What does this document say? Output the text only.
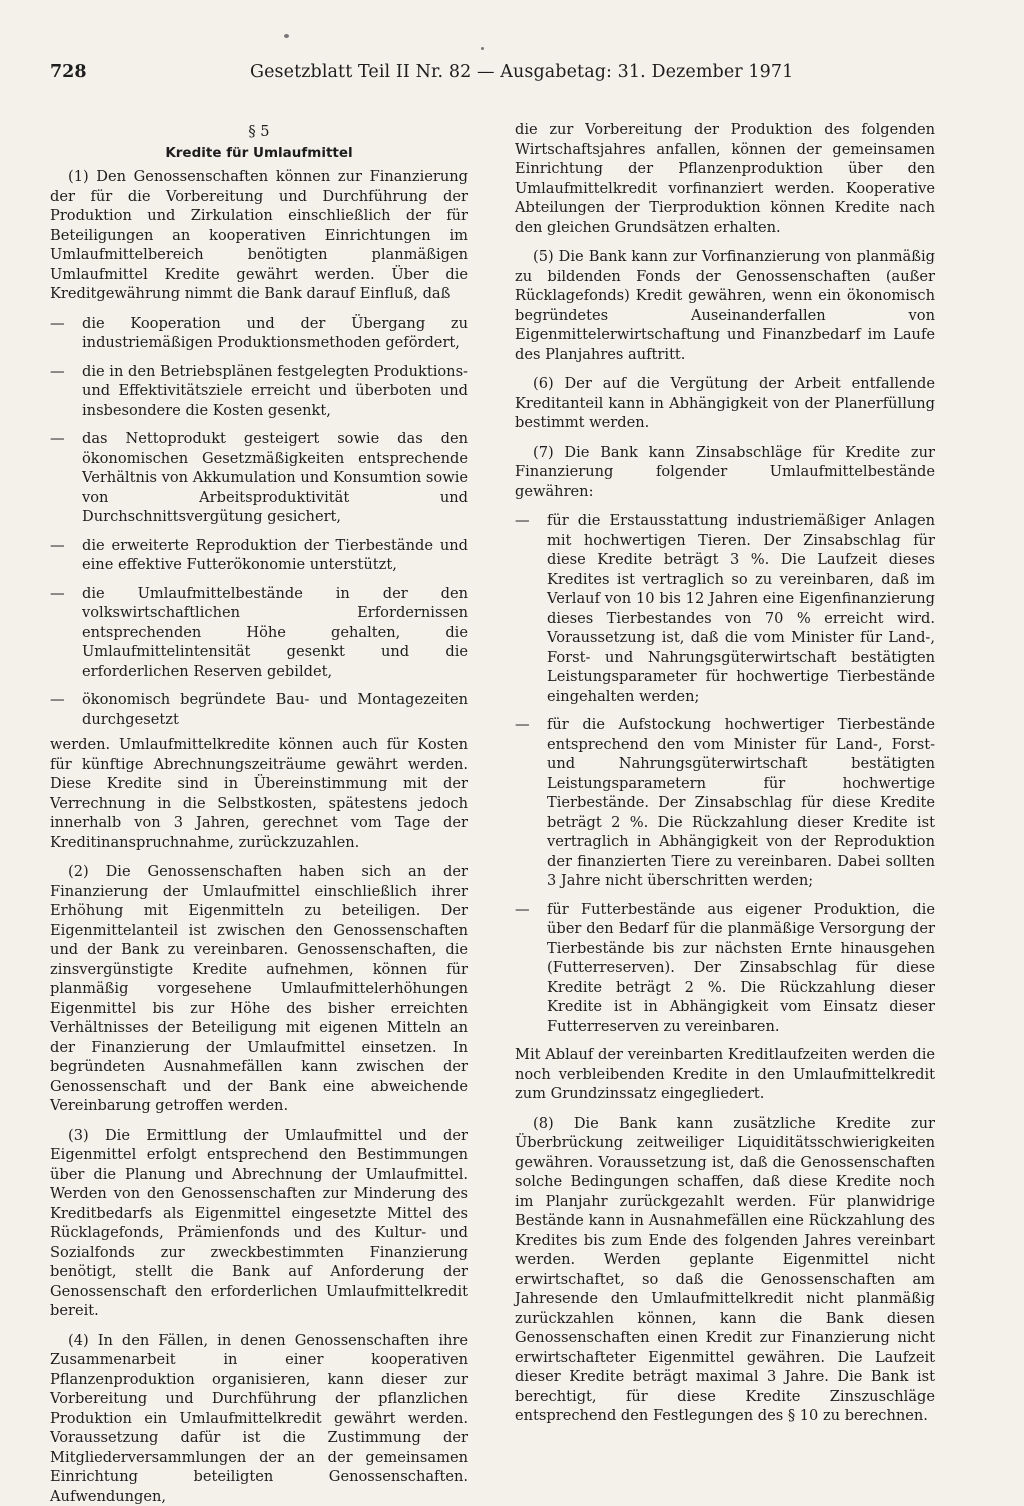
728	Gesetzblatt Teil II Nr. 82 — Ausgabetag: 31. Dezember 1971
§ 5
Kredite für Umlaufmittel

(1) Den Genossenschaften können zur Finanzierung der für die Vorbereitung und Durchführung der Produktion und Zirkulation einschließlich der für Beteiligungen an kooperativen Einrichtungen im Umlaufmittelbereich benötigten planmäßigen Umlaufmittel Kredite gewährt werden. Über die Kreditgewährung nimmt die Bank darauf Einfluß, daß

— die Kooperation und der Übergang zu industriemäßigen Produktionsmethoden gefördert,
— die in den Betriebsplänen festgelegten Produktions- und Effektivitätsziele erreicht und überboten und insbesondere die Kosten gesenkt,
— das Nettoprodukt gesteigert sowie das den ökonomischen Gesetzmäßigkeiten entsprechende Verhältnis von Akkumulation und Konsumtion sowie von Arbeitsproduktivität und Durchschnittsvergütung gesichert,
— die erweiterte Reproduktion der Tierbestände und eine effektive Futterökonomie unterstützt,
— die Umlaufmittelbestände in der den volkswirtschaftlichen Erfordernissen entsprechenden Höhe gehalten, die Umlaufmittelintensität gesenkt und die erforderlichen Reserven gebildet,
— ökonomisch begründete Bau- und Montagezeiten durchgesetzt

werden. Umlaufmittelkredite können auch für Kosten für künftige Abrechnungszeiträume gewährt werden. Diese Kredite sind in Übereinstimmung mit der Verrechnung in die Selbstkosten, spätestens jedoch innerhalb von 3 Jahren, gerechnet vom Tage der Kreditinanspruchnahme, zurückzuzahlen.

(2) Die Genossenschaften haben sich an der Finanzierung der Umlaufmittel einschließlich ihrer Erhöhung mit Eigenmitteln zu beteiligen. Der Eigenmittelanteil ist zwischen den Genossenschaften und der Bank zu vereinbaren. Genossenschaften, die zinsvergünstigte Kredite aufnehmen, können für planmäßig vorgesehene Umlaufmittelerhöhungen Eigenmittel bis zur Höhe des bisher erreichten Verhältnisses der Beteiligung mit eigenen Mitteln an der Finanzierung der Umlaufmittel einsetzen. In begründeten Ausnahmefällen kann zwischen der Genossenschaft und der Bank eine abweichende Vereinbarung getroffen werden.

(3) Die Ermittlung der Umlaufmittel und der Eigenmittel erfolgt entsprechend den Bestimmungen über die Planung und Abrechnung der Umlaufmittel. Werden von den Genossenschaften zur Minderung des Kreditbedarfs als Eigenmittel eingesetzte Mittel des Rücklagefonds, Prämienfonds und des Kultur- und Sozialfonds zur zweckbestimmten Finanzierung benötigt, stellt die Bank auf Anforderung der Genossenschaft den erforderlichen Umlaufmittelkredit bereit.

(4) In den Fällen, in denen Genossenschaften ihre Zusammenarbeit in einer kooperativen Pflanzenproduktion organisieren, kann dieser zur Vorbereitung und Durchführung der pflanzlichen Produktion ein Umlaufmittelkredit gewährt werden. Voraussetzung dafür ist die Zustimmung der Mitgliederversammlungen der an der gemeinsamen Einrichtung beteiligten Genossenschaften. Aufwendungen,

die zur Vorbereitung der Produktion des folgenden Wirtschaftsjahres anfallen, können der gemeinsamen Einrichtung der Pflanzenproduktion über den Umlaufmittelkredit vorfinanziert werden. Kooperative Abteilungen der Tierproduktion können Kredite nach den gleichen Grundsätzen erhalten.

(5) Die Bank kann zur Vorfinanzierung von planmäßig zu bildenden Fonds der Genossenschaften (außer Rücklagefonds) Kredit gewähren, wenn ein ökonomisch begründetes Auseinanderfallen von Eigenmittelerwirtschaftung und Finanzbedarf im Laufe des Planjahres auftritt.

(6) Der auf die Vergütung der Arbeit entfallende Kreditanteil kann in Abhängigkeit von der Planerfüllung bestimmt werden.

(7) Die Bank kann Zinsabschläge für Kredite zur Finanzierung folgender Umlaufmittelbestände gewähren:

— für die Erstausstattung industriemäßiger Anlagen mit hochwertigen Tieren. Der Zinsabschlag für diese Kredite beträgt 3 %. Die Laufzeit dieses Kredites ist vertraglich so zu vereinbaren, daß im Verlauf von 10 bis 12 Jahren eine Eigenfinanzierung dieses Tierbestandes von 70 % erreicht wird. Voraussetzung ist, daß die vom Minister für Land-, Forst- und Nahrungsgüterwirtschaft bestätigten Leistungsparameter für hochwertige Tierbestände eingehalten werden;
— für die Aufstockung hochwertiger Tierbestände entsprechend den vom Minister für Land-, Forst- und Nahrungsgüterwirtschaft bestätigten Leistungsparametern für hochwertige Tierbestände. Der Zinsabschlag für diese Kredite beträgt 2 %. Die Rückzahlung dieser Kredite ist vertraglich in Abhängigkeit von der Reproduktion der finanzierten Tiere zu vereinbaren. Dabei sollten 3 Jahre nicht überschritten werden;
— für Futterbestände aus eigener Produktion, die über den Bedarf für die planmäßige Versorgung der Tierbestände bis zur nächsten Ernte hinausgehen (Futterreserven). Der Zinsabschlag für diese Kredite beträgt 2 %. Die Rückzahlung dieser Kredite ist in Abhängigkeit vom Einsatz dieser Futterreserven zu vereinbaren.

Mit Ablauf der vereinbarten Kreditlaufzeiten werden die noch verbleibenden Kredite in den Umlaufmittelkredit zum Grundzinssatz eingegliedert.

(8) Die Bank kann zusätzliche Kredite zur Überbrückung zeitweiliger Liquiditätsschwierigkeiten gewähren. Voraussetzung ist, daß die Genossenschaften solche Bedingungen schaffen, daß diese Kredite noch im Planjahr zurückgezahlt werden. Für planwidrige Bestände kann in Ausnahmefällen eine Rückzahlung des Kredites bis zum Ende des folgenden Jahres vereinbart werden. Werden geplante Eigenmittel nicht erwirtschaftet, so daß die Genossenschaften am Jahresende den Umlaufmittelkredit nicht planmäßig zurückzahlen können, kann die Bank diesen Genossenschaften einen Kredit zur Finanzierung nicht erwirtschafteter Eigenmittel gewähren. Die Laufzeit dieser Kredite beträgt maximal 3 Jahre. Die Bank ist berechtigt, für diese Kredite Zinszuschläge entsprechend den Festlegungen des § 10 zu berechnen.
